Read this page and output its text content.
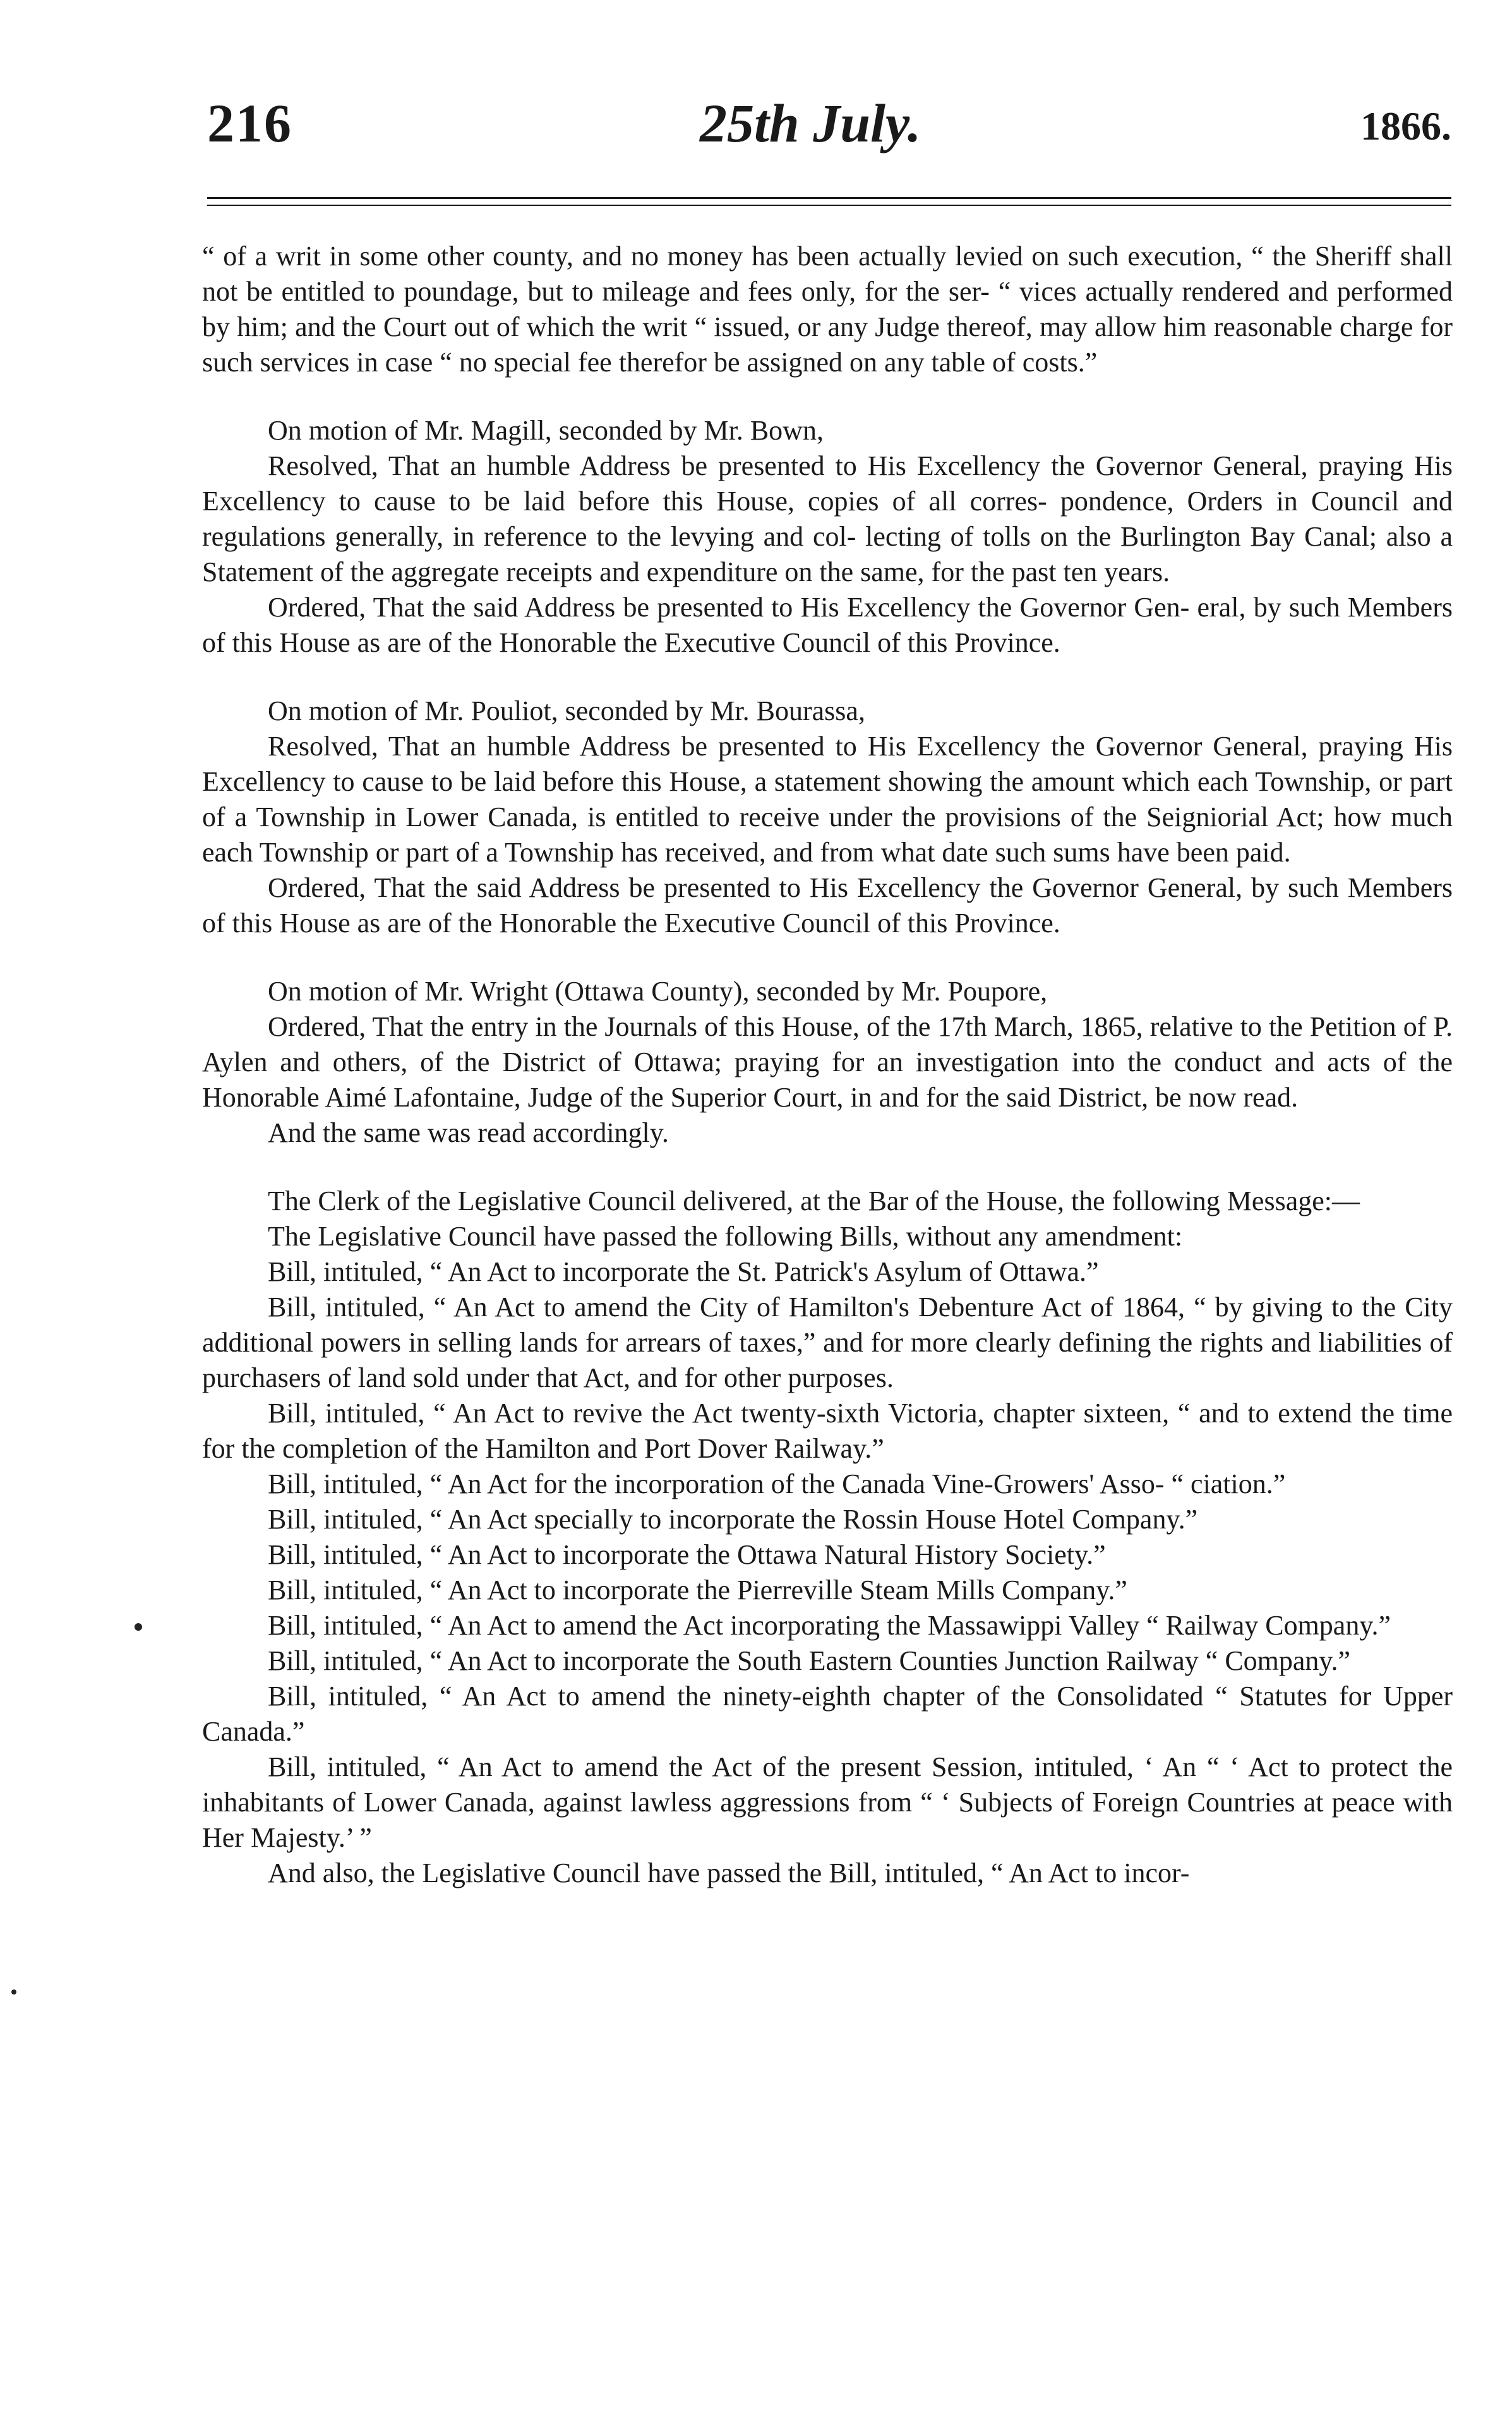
216	25th July.	1866.

“ of a writ in some other county, and no money has been actually levied on such execution, “ the Sheriff shall not be entitled to poundage, but to mileage and fees only, for the ser- “ vices actually rendered and performed by him; and the Court out of which the writ “ issued, or any Judge thereof, may allow him reasonable charge for such services in case “ no special fee therefor be assigned on any table of costs.”

On motion of Mr. Magill, seconded by Mr. Bown,

Resolved, That an humble Address be presented to His Excellency the Governor General, praying His Excellency to cause to be laid before this House, copies of all corres- pondence, Orders in Council and regulations generally, in reference to the levying and col- lecting of tolls on the Burlington Bay Canal; also a Statement of the aggregate receipts and expenditure on the same, for the past ten years.

Ordered, That the said Address be presented to His Excellency the Governor Gen- eral, by such Members of this House as are of the Honorable the Executive Council of this Province.

On motion of Mr. Pouliot, seconded by Mr. Bourassa,

Resolved, That an humble Address be presented to His Excellency the Governor General, praying His Excellency to cause to be laid before this House, a statement showing the amount which each Township, or part of a Township in Lower Canada, is entitled to receive under the provisions of the Seigniorial Act; how much each Township or part of a Township has received, and from what date such sums have been paid.

Ordered, That the said Address be presented to His Excellency the Governor General, by such Members of this House as are of the Honorable the Executive Council of this Province.

On motion of Mr. Wright (Ottawa County), seconded by Mr. Poupore,

Ordered, That the entry in the Journals of this House, of the 17th March, 1865, relative to the Petition of P. Aylen and others, of the District of Ottawa; praying for an investigation into the conduct and acts of the Honorable Aimé Lafontaine, Judge of the Superior Court, in and for the said District, be now read.

And the same was read accordingly.

The Clerk of the Legislative Council delivered, at the Bar of the House, the following Message:—

The Legislative Council have passed the following Bills, without any amendment:

Bill, intituled, “ An Act to incorporate the St. Patrick's Asylum of Ottawa.”

Bill, intituled, “ An Act to amend the City of Hamilton's Debenture Act of 1864, “ by giving to the City additional powers in selling lands for arrears of taxes,” and for more clearly defining the rights and liabilities of purchasers of land sold under that Act, and for other purposes.

Bill, intituled, “ An Act to revive the Act twenty-sixth Victoria, chapter sixteen, “ and to extend the time for the completion of the Hamilton and Port Dover Railway.”

Bill, intituled, “ An Act for the incorporation of the Canada Vine-Growers' Asso- “ ciation.”

Bill, intituled, “ An Act specially to incorporate the Rossin House Hotel Company.”

Bill, intituled, “ An Act to incorporate the Ottawa Natural History Society.”

Bill, intituled, “ An Act to incorporate the Pierreville Steam Mills Company.”

Bill, intituled, “ An Act to amend the Act incorporating the Massawippi Valley “ Railway Company.”

Bill, intituled, “ An Act to incorporate the South Eastern Counties Junction Railway “ Company.”

Bill, intituled, “ An Act to amend the ninety-eighth chapter of the Consolidated “ Statutes for Upper Canada.”

Bill, intituled, “ An Act to amend the Act of the present Session, intituled, ‘ An “ ‘ Act to protect the inhabitants of Lower Canada, against lawless aggressions from “ ‘ Subjects of Foreign Countries at peace with Her Majesty.’ ”

And also, the Legislative Council have passed the Bill, intituled, “ An Act to incor-
